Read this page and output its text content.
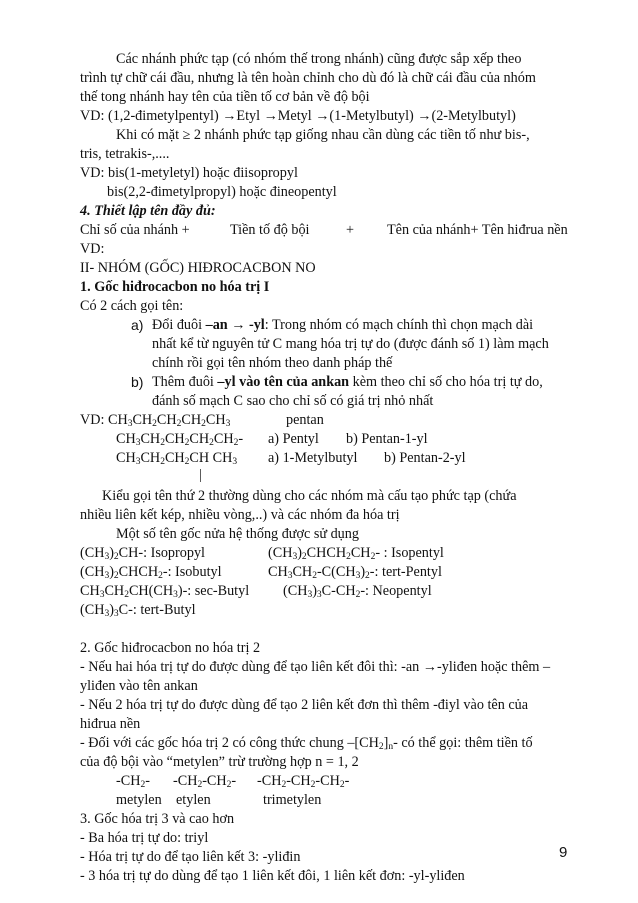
Các nhánh phức tạp (có nhóm thế trong nhánh) cũng được sắp xếp theo
trình tự chữ cái đầu, nhưng là tên hoàn chỉnh cho dù đó là chữ cái đầu của nhóm
thế tong nhánh hay tên của tiền tố cơ bản về độ bội
VD: (1,2-đimetylpentyl) →Etyl →Metyl →(1-Metylbutyl) →(2-Metylbutyl)
Khi có mặt ≥ 2 nhánh phức tạp giống nhau cần dùng các tiền tố như bis-,
tris, tetrakis-,....
VD: bis(1-metyletyl) hoặc điisopropyl
bis(2,2-đimetylpropyl) hoặc đineopentyl
4. Thiết lập tên đầy đủ:
Chỉ số của nhánh +	Tiền tố độ bội	+ Tên của nhánh+ Tên hiđrua nền
VD:
II- NHÓM (GỐC) HIĐROCACBON NO
1. Gốc hiđrocacbon no hóa trị I
Có 2 cách gọi tên:
a) Đổi đuôi –an → -yl: Trong nhóm có mạch chính thì chọn mạch dài
nhất kể từ nguyên tử C mang hóa trị tự do (được đánh số 1) làm mạch
chính rồi gọi tên nhóm theo danh pháp thế
b) Thêm đuôi –yl vào tên của ankan kèm theo chỉ số cho hóa trị tự do,
đánh số mạch C sao cho chỉ số có giá trị nhỏ nhất
VD: $CH_3CH_2CH_2CH_2CH_3$	pentan
$CH_3CH_2CH_2CH_2CH_2-$ a) Pentyl b) Pentan-1-yl
$CH_3CH_2CH_2CH$ $CH_3$ a) 1-Metylbutyl b) Pentan-2-yl
|
Kiểu gọi tên thứ 2 thường dùng cho các nhóm mà cấu tạo phức tạp (chứa
nhiều liên kết kép, nhiều vòng,..) và các nhóm đa hóa trị
Một số tên gốc nửa hệ thống được sử dụng
$(CH_3)_2CH-$: Isopropyl	$(CH_3)_2CHCH_2CH_2-$ : Isopentyl
$(CH_3)_2CHCH_2-$: Isobutyl	$CH_3CH_2-C(CH_3)_2-$: tert-Pentyl
$CH_3CH_2CH(CH_3)-$: sec-Butyl $(CH_3)_3C-CH_2-$: Neopentyl
$(CH_3)_3C-$: tert-Butyl
2. Gốc hiđrocacbon no hóa trị 2
- Nếu hai hóa trị tự do được dùng để tạo liên kết đôi thì: -an →-yliđen hoặc thêm –
yliđen vào tên ankan
- Nếu 2 hóa trị tự do được dùng để tạo 2 liên kết đơn thì thêm -điyl vào tên của
hiđrua nền
- Đối với các gốc hóa trị 2 có công thức chung $-[CH_2]_n-$ có thể gọi: thêm tiền tố
của độ bội vào “metylen” trừ trường hợp n = 1, 2
$-CH_2-$ $-CH_2-CH_2-$ $-CH_2-CH_2-CH_2-$
metylen etylen	trimetylen
3. Gốc hóa trị 3 và cao hơn
- Ba hóa trị tự do: triyl
- Hóa trị tự do để tạo liên kết 3: -yliđin
- 3 hóa trị tự do dùng để tạo 1 liên kết đôi, 1 liên kết đơn: -yl-yliđen
9
